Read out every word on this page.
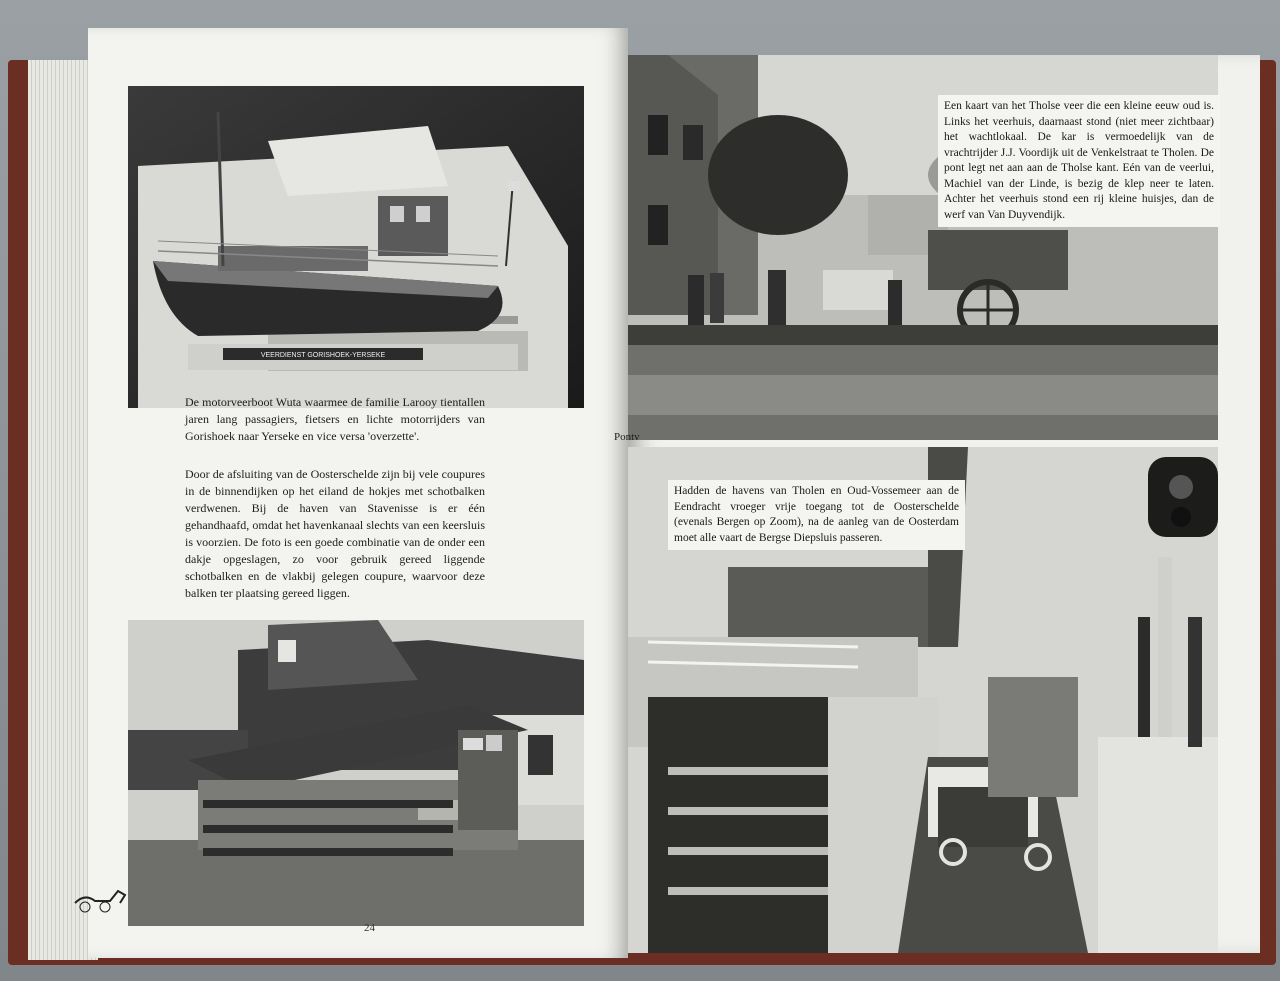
VEERDIENST GORISHOEK-YERSEKE
De motorveerboot Wuta waarmee de familie Larooy tientallen jaren lang passagiers, fietsers en lichte motorrijders van Gorishoek naar Yerseke en vice versa 'overzette'.
Door de afsluiting van de Oosterschelde zijn bij vele coupures in de binnendijken op het eiland de hokjes met schotbalken verdwenen. Bij de haven van Stavenisse is er één gehandhaafd, omdat het havenkanaal slechts van een keersluis is voorzien. De foto is een goede combinatie van de onder een dakje opgeslagen, zo voor gebruik gereed liggende schotbalken en de vlakbij gelegen coupure, waarvoor deze balken ter plaatsing gereed liggen.
24
Een kaart van het Tholse veer die een kleine eeuw oud is. Links het veerhuis, daarnaast stond (niet meer zichtbaar) het wachtlokaal. De kar is vermoedelijk van de vrachtrijder J.J. Voordijk uit de Venkelstraat te Tholen. De pont legt net aan aan de Tholse kant. Eén van de veerlui, Machiel van der Linde, is bezig de klep neer te laten. Achter het veerhuis stond een rij kleine huisjes, dan de werf van Van Duyvendijk.
Pontv
Hadden de havens van Tholen en Oud-Vossemeer aan de Eendracht vroeger vrije toegang tot de Oosterschelde (evenals Bergen op Zoom), na de aanleg van de Oosterdam moet alle vaart de Bergse Diepsluis passeren.
